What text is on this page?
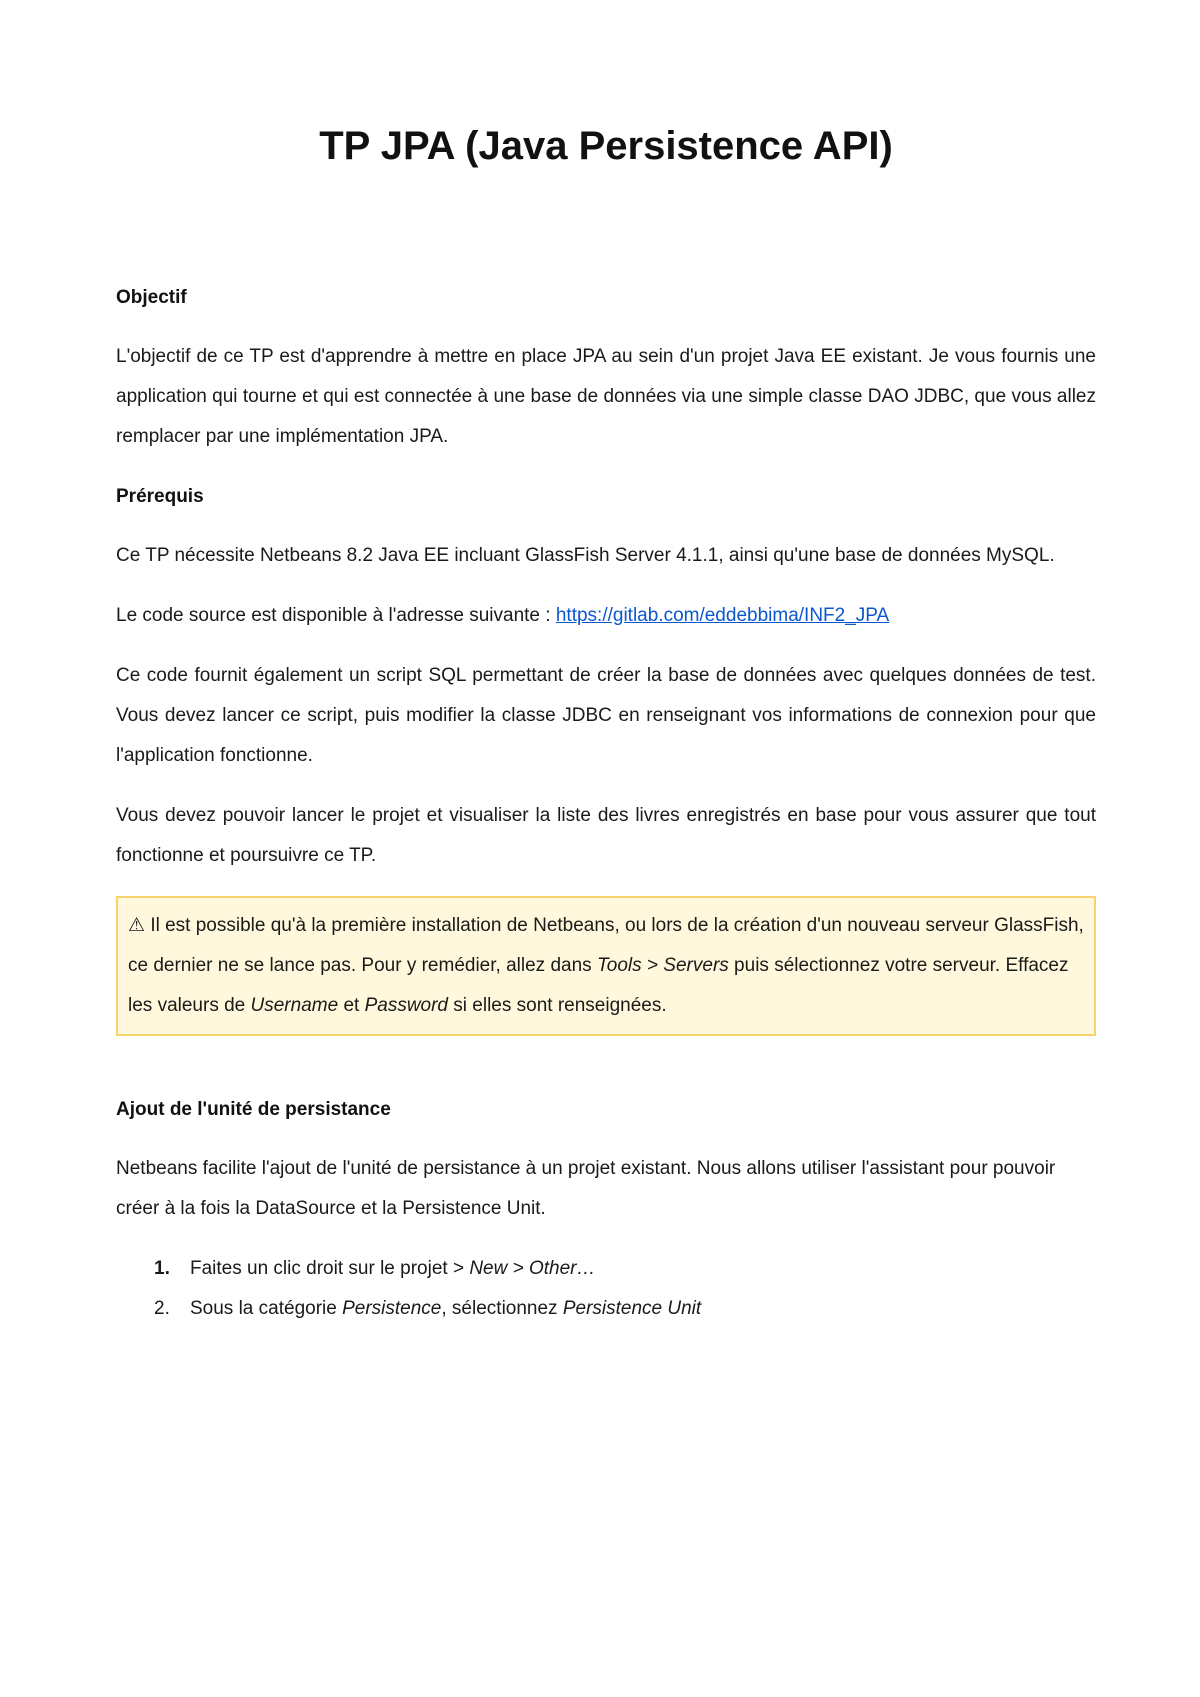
TP JPA (Java Persistence API)
Objectif

L'objectif de ce TP est d'apprendre à mettre en place JPA au sein d'un projet Java EE existant. Je vous fournis une application qui tourne et qui est connectée à une base de données via une simple classe DAO JDBC, que vous allez remplacer par une implémentation JPA.

Prérequis

Ce TP nécessite Netbeans 8.2 Java EE incluant GlassFish Server 4.1.1, ainsi qu'une base de données MySQL.

Le code source est disponible à l'adresse suivante : https://gitlab.com/eddebbima/INF2_JPA

Ce code fournit également un script SQL permettant de créer la base de données avec quelques données de test. Vous devez lancer ce script, puis modifier la classe JDBC en renseignant vos informations de connexion pour que l'application fonctionne.

Vous devez pouvoir lancer le projet et visualiser la liste des livres enregistrés en base pour vous assurer que tout fonctionne et poursuivre ce TP.

⚠ Il est possible qu'à la première installation de Netbeans, ou lors de la création d'un nouveau serveur GlassFish, ce dernier ne se lance pas. Pour y remédier, allez dans Tools > Servers puis sélectionnez votre serveur. Effacez les valeurs de Username et Password si elles sont renseignées.

Ajout de l'unité de persistance

Netbeans facilite l'ajout de l'unité de persistance à un projet existant. Nous allons utiliser l'assistant pour pouvoir créer à la fois la DataSource et la Persistence Unit.

1. Faites un clic droit sur le projet > New > Other…
2. Sous la catégorie Persistence, sélectionnez Persistence Unit
